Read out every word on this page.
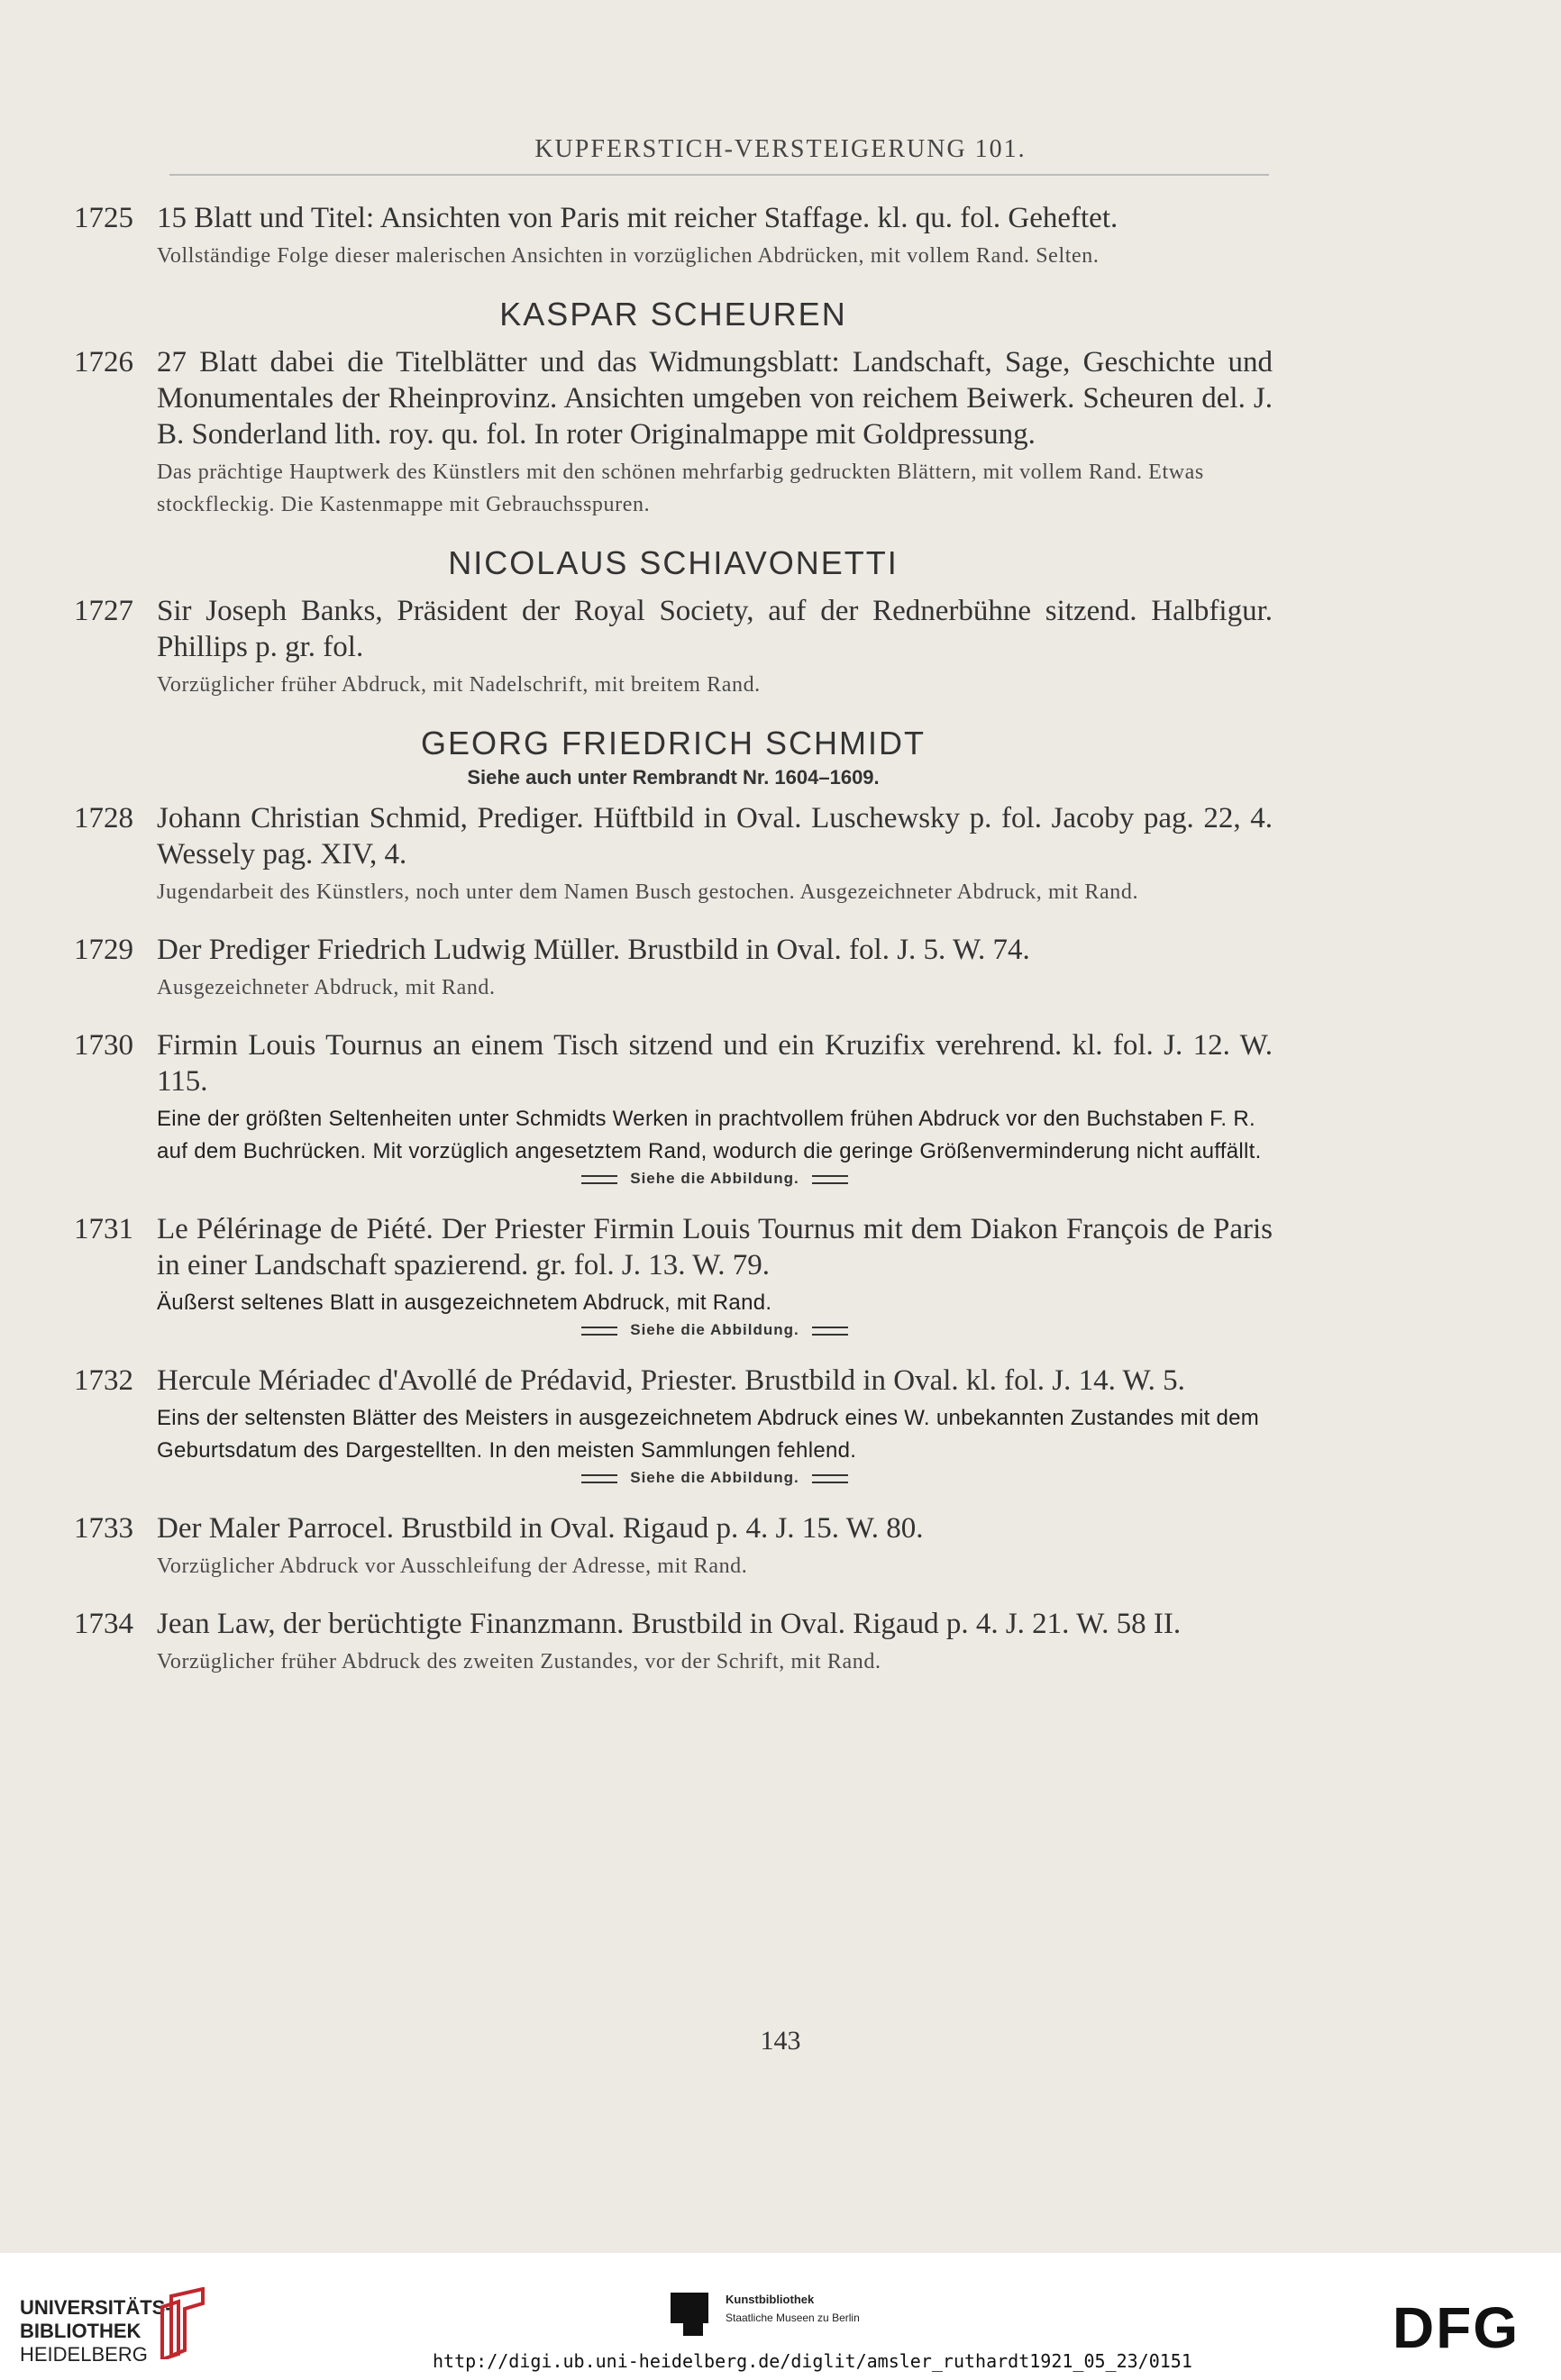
KUPFERSTICH-VERSTEIGERUNG 101.
1725 15 Blatt und Titel: Ansichten von Paris mit reicher Staffage. kl. qu. fol. Geheftet.
Vollständige Folge dieser malerischen Ansichten in vorzüglichen Abdrücken, mit vollem Rand. Selten.
KASPAR SCHEUREN
1726 27 Blatt dabei die Titelblätter und das Widmungsblatt: Landschaft, Sage, Geschichte und Monumentales der Rheinprovinz. Ansichten umgeben von reichem Beiwerk. Scheuren del. J. B. Sonderland lith. roy. qu. fol. In roter Originalmappe mit Goldpressung.
Das prächtige Hauptwerk des Künstlers mit den schönen mehrfarbig gedruckten Blättern, mit vollem Rand. Etwas stockfleckig. Die Kastenmappe mit Gebrauchsspuren.
NICOLAUS SCHIAVONETTI
1727 Sir Joseph Banks, Präsident der Royal Society, auf der Rednerbühne sitzend. Halbfigur. Phillips p. gr. fol.
Vorzüglicher früher Abdruck, mit Nadelschrift, mit breitem Rand.
GEORG FRIEDRICH SCHMIDT
Siehe auch unter Rembrandt Nr. 1604–1609.
1728 Johann Christian Schmid, Prediger. Hüftbild in Oval. Luschewsky p. fol. Jacoby pag. 22, 4. Wessely pag. XIV, 4.
Jugendarbeit des Künstlers, noch unter dem Namen Busch gestochen. Ausgezeichneter Abdruck, mit Rand.
1729 Der Prediger Friedrich Ludwig Müller. Brustbild in Oval. fol. J. 5. W. 74.
Ausgezeichneter Abdruck, mit Rand.
1730 Firmin Louis Tournus an einem Tisch sitzend und ein Kruzifix verehrend. kl. fol. J. 12. W. 115.
Eine der größten Seltenheiten unter Schmidts Werken in prachtvollem frühen Abdruck vor den Buchstaben F. R. auf dem Buchrücken. Mit vorzüglich angesetztem Rand, wodurch die geringe Größenverminderung nicht auffällt.
Siehe die Abbildung.
1731 Le Pélérinage de Piété. Der Priester Firmin Louis Tournus mit dem Diakon François de Paris in einer Landschaft spazierend. gr. fol. J. 13. W. 79.
Äußerst seltenes Blatt in ausgezeichnetem Abdruck, mit Rand.
Siehe die Abbildung.
1732 Hercule Mériadec d'Avollé de Prédavid, Priester. Brustbild in Oval. kl. fol. J. 14. W. 5.
Eins der seltensten Blätter des Meisters in ausgezeichnetem Abdruck eines W. unbekannten Zustandes mit dem Geburtsdatum des Dargestellten. In den meisten Sammlungen fehlend.
Siehe die Abbildung.
1733 Der Maler Parrocel. Brustbild in Oval. Rigaud p. 4. J. 15. W. 80.
Vorzüglicher Abdruck vor Ausschleifung der Adresse, mit Rand.
1734 Jean Law, der berüchtigte Finanzmann. Brustbild in Oval. Rigaud p. 4. J. 21. W. 58 II.
Vorzüglicher früher Abdruck des zweiten Zustandes, vor der Schrift, mit Rand.
143
UNIVERSITÄTS-
BIBLIOTHEK
HEIDELBERG
Kunstbibliothek
Staatliche Museen zu Berlin	DFG
http://digi.ub.uni-heidelberg.de/diglit/amsler_ruthardt1921_05_23/0151
